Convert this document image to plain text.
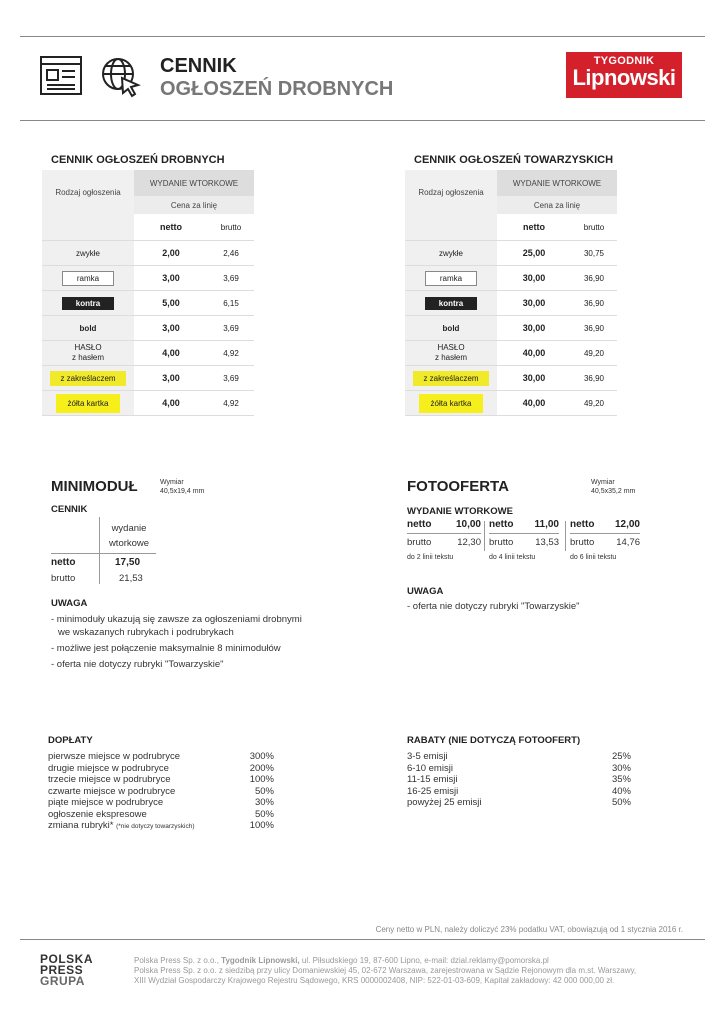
CENNIK
OGŁOSZEŃ DROBNYCH
TYGODNIK
Lipnowski
CENNIK OGŁOSZEŃ DROBNYCH
Rodzaj ogłoszenia	WYDANIE WTORKOWE	
	Cena za linię	
	netto	brutto
zwykłe	2,00	2,46
ramka	3,00	3,69
kontra	5,00	6,15
bold	3,00	3,69

HASŁO
z hasłem	4,00	4,92
z zakreślaczem	3,00	3,69
żółta kartka	4,00	4,92
CENNIK OGŁOSZEŃ TOWARZYSKICH
Rodzaj ogłoszenia	WYDANIE WTORKOWE	
	Cena za linię	
	netto	brutto
zwykłe	25,00	30,75
ramka	30,00	36,90
kontra	30,00	36,90
bold	30,00	36,90

HASŁO
z hasłem	40,00	49,20
z zakreślaczem	30,00	36,90
żółta kartka	40,00	49,20
MINIMODUŁ	Wymiar
40,5x19,4 mm
CENNIK
wydanie
wtorkowe
netto	17,50
brutto	21,53
UWAGA
- minimoduły ukazują się zawsze za ogłoszeniami drobnymi
we wskazanych rubrykach i podrubrykach
- możliwe jest połączenie maksymalnie 8 minimodułów
- oferta nie dotyczy rubryki "Towarzyskie"
FOTOOFERTA	Wymiar
40,5x35,2 mm
WYDANIE WTORKOWE
netto 10,00
brutto	12,30
do 2 linii tekstu
netto 11,00
brutto 13,53
do 4 linii tekstu
netto 12,00
brutto 14,76
do 6 linii tekstu
UWAGA
- oferta nie dotyczy rubryki "Towarzyskie"
DOPŁATY
pierwsze miejsce w podrubryce	300%
drugie miejsce w podrubryce	200%
trzecie miejsce w podrubryce	100%
czwarte miejsce w podrubryce	50%
piąte miejsce w podrubryce	30%
ogłoszenie ekspresowe	50%
zmiana rubryki* (*nie dotyczy towarzyskich)	100%
RABATY (NIE DOTYCZĄ FOTOOFERT)
3-5 emisji	25%
6-10 emisji	30%
11-15 emisji	35%
16-25 emisji	40%
powyżej 25 emisji	50%
Ceny netto w PLN, należy doliczyć 23% podatku VAT, obowiązują od 1 stycznia 2016 r.
POLSKA
PRESS
GRUPA
Polska Press Sp. z o.o., Tygodnik Lipnowski, ul. Piłsudskiego 19, 87-600 Lipno, e-mail: dzial.reklamy@pomorska.pl
Polska Press Sp. z o.o. z siedzibą przy ulicy Domaniewskiej 45, 02-672 Warszawa, zarejestrowana w Sądzie Rejonowym dla m.st. Warszawy,
XIII Wydział Gospodarczy Krajowego Rejestru Sądowego, KRS 0000002408, NIP: 522-01-03-609, Kapitał zakładowy: 42 000 000,00 zł.
